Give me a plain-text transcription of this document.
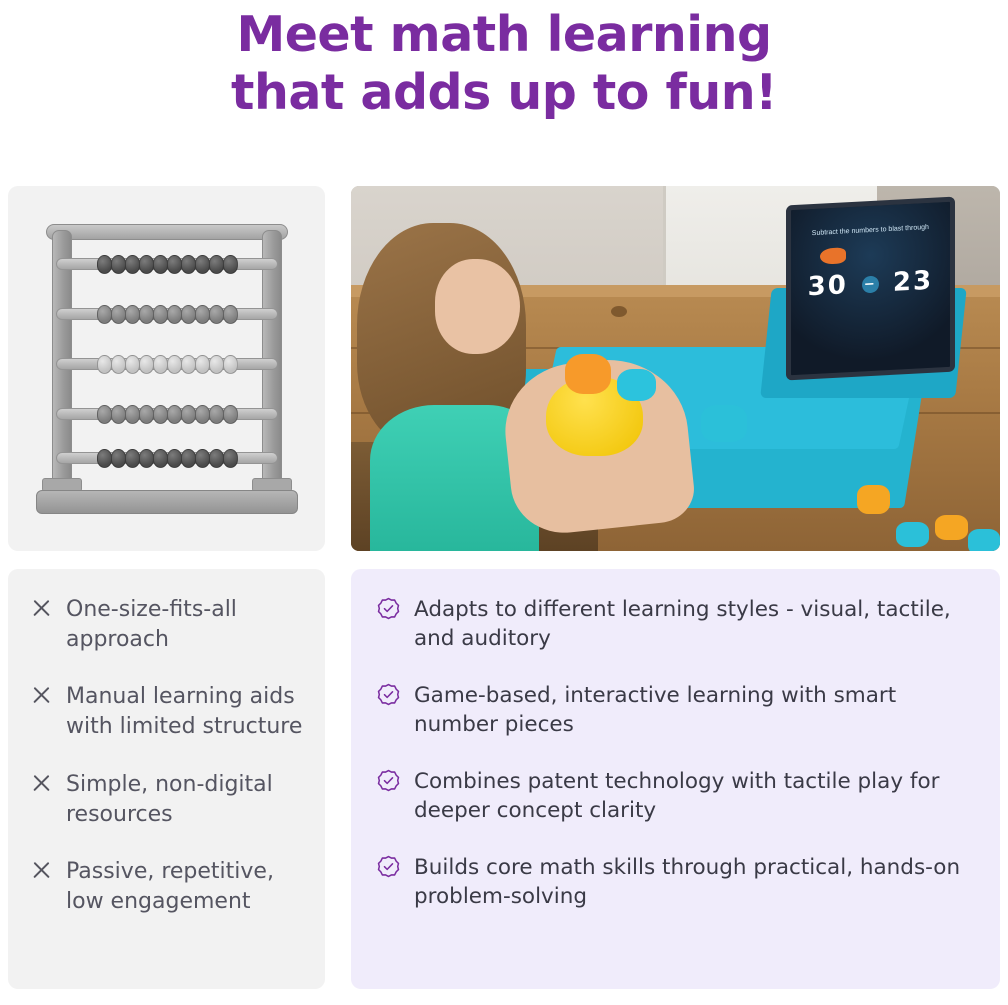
Meet math learning
that adds up to fun!
Subtract the numbers to blast through
30 − 23
One-size-fits-all approach
Manual learning aids with limited structure
Simple, non-digital resources
Passive, repetitive, low engagement
Adapts to different learning styles - visual, tactile, and auditory
Game-based, interactive learning with smart number pieces
Combines patent technology with tactile play for deeper concept clarity
Builds core math skills through practical, hands-on problem-solving
